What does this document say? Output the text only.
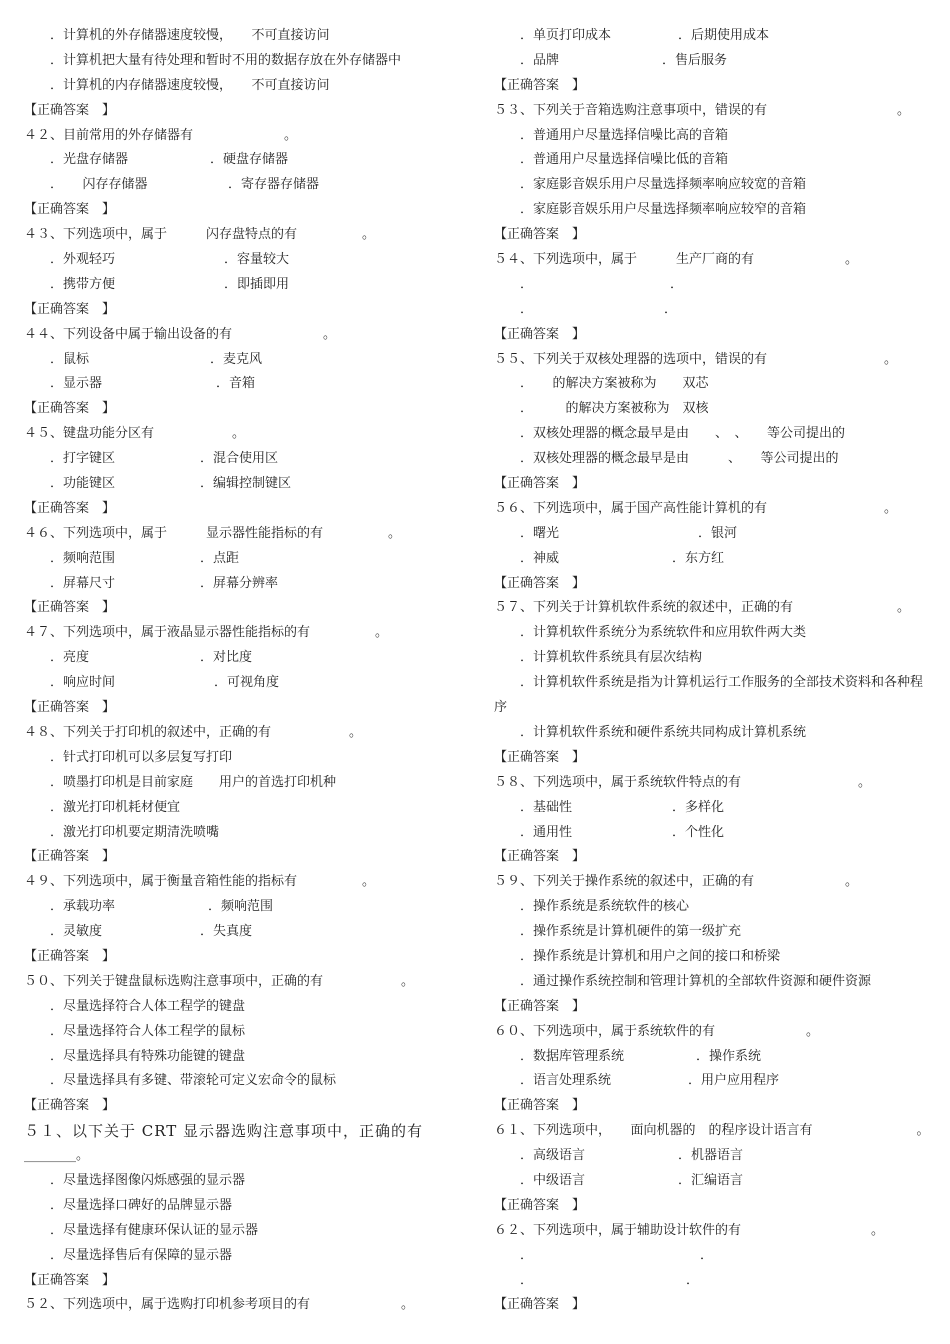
．计算机的外存储器速度较慢，　　不可直接访问
．计算机把大量有待处理和暂时不用的数据存放在外存储器中
．计算机的内存储器速度较慢，　　不可直接访问
【正确答案　】
４２、目前常用的外存储器有　　　　　　　。
．光盘存储器	．硬盘存储器
．　　闪存存储器	．寄存器存储器
【正确答案　】
４３、下列选项中，属于　　　闪存盘特点的有　　　　　。
．外观轻巧	．容量较大
．携带方便	．即插即用
【正确答案　】
４４、下列设备中属于输出设备的有　　　　　　　。
．鼠标	．麦克风
．显示器	．音箱
【正确答案　】
４５、键盘功能分区有　　　　　　。
．打字键区	．混合使用区
．功能键区	．编辑控制键区
【正确答案　】
４６、下列选项中，属于　　　显示器性能指标的有　　　　　。
．频响范围	．点距
．屏幕尺寸	．屏幕分辨率
【正确答案　】
４７、下列选项中，属于液晶显示器性能指标的有　　　　　。
．亮度	．对比度
．响应时间	．可视角度
【正确答案　】
４８、下列关于打印机的叙述中，正确的有　　　　　　。
．针式打印机可以多层复写打印
．喷墨打印机是目前家庭　　用户的首选打印机种
．激光打印机耗材便宜
．激光打印机要定期清洗喷嘴
【正确答案　】
４９、下列选项中，属于衡量音箱性能的指标有　　　　　。
．承载功率	．频响范围
．灵敏度	．失真度
【正确答案　】
５０、下列关于键盘鼠标选购注意事项中，正确的有　　　　　　。
．尽量选择符合人体工程学的键盘
．尽量选择符合人体工程学的鼠标
．尽量选择具有特殊功能键的键盘
．尽量选择具有多键、带滚轮可定义宏命令的鼠标
【正确答案　】
５１、以下关于 CRT 显示器选购注意事项中，正确的有
________。
．尽量选择图像闪烁感强的显示器
．尽量选择口碑好的品牌显示器
．尽量选择有健康环保认证的显示器
．尽量选择售后有保障的显示器
【正确答案　】
５２、下列选项中，属于选购打印机参考项目的有　　　　　　　。
．单页打印成本	．后期使用成本
．品牌	．售后服务
【正确答案　】
５３、下列关于音箱选购注意事项中，错误的有　　　　　　　　　　。
．普通用户尽量选择信噪比高的音箱
．普通用户尽量选择信噪比低的音箱
．家庭影音娱乐用户尽量选择频率响应较宽的音箱
．家庭影音娱乐用户尽量选择频率响应较窄的音箱
【正确答案　】
５４、下列选项中，属于　　　生产厂商的有　　　　　　　。
．	．
．	．
【正确答案　】
５５、下列关于双核处理器的选项中，错误的有　　　　　　　　　。
．　　的解决方案被称为　　双芯
．　　　的解决方案被称为　双核
．双核处理器的概念最早是由　　、　、　　等公司提出的
．双核处理器的概念最早是由　　　、　　等公司提出的
【正确答案　】
５６、下列选项中，属于国产高性能计算机的有　　　　　　　　　。
．曙光	．银河
．神威	．东方红
【正确答案　】
５７、下列关于计算机软件系统的叙述中，正确的有　　　　　　　　。
．计算机软件系统分为系统软件和应用软件两大类
．计算机软件系统具有层次结构
．计算机软件系统是指为计算机运行工作服务的全部技术资料和各种程序
．计算机软件系统和硬件系统共同构成计算机系统
【正确答案　】
５８、下列选项中，属于系统软件特点的有　　　　　　　　　。
．基础性	．多样化
．通用性	．个性化
【正确答案　】
５９、下列关于操作系统的叙述中，正确的有　　　　　　　。
．操作系统是系统软件的核心
．操作系统是计算机硬件的第一级扩充
．操作系统是计算机和用户之间的接口和桥梁
．通过操作系统控制和管理计算机的全部软件资源和硬件资源
【正确答案　】
６０、下列选项中，属于系统软件的有　　　　　　　。
．数据库管理系统	．操作系统
．语言处理系统	．用户应用程序
【正确答案　】
６１、下列选项中，　　面向机器的　的程序设计语言有　　　　　　　　。
．高级语言	．机器语言
．中级语言	．汇编语言
【正确答案　】
６２、下列选项中，属于辅助设计软件的有　　　　　　　　　　。
．	．
．	．
【正确答案　】
